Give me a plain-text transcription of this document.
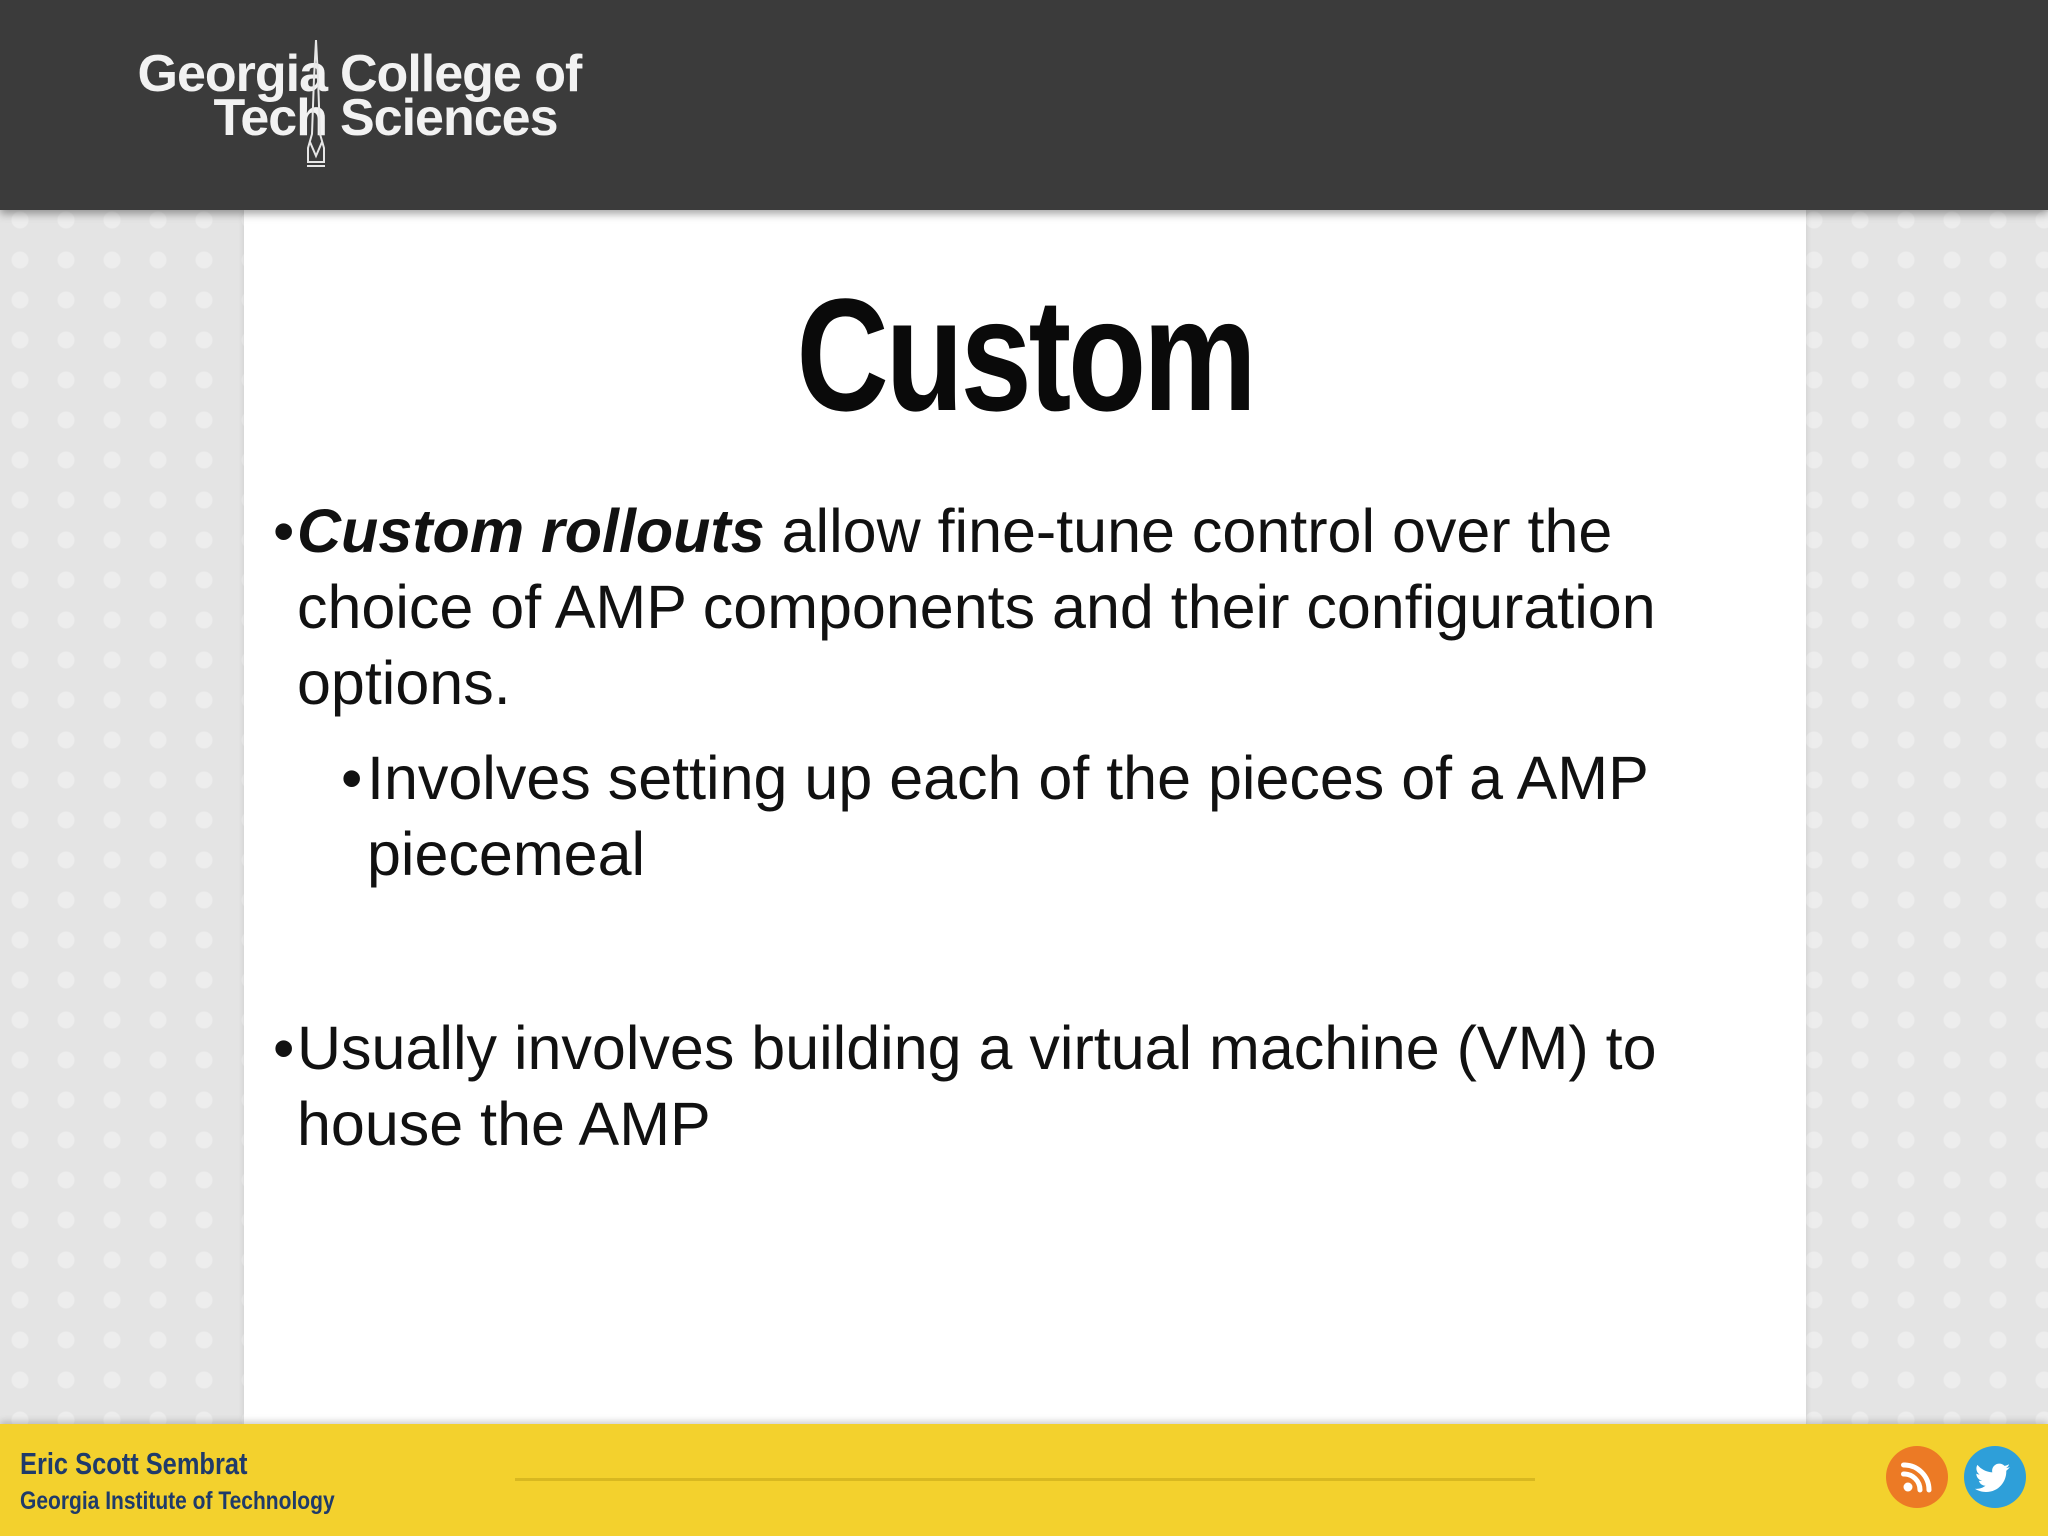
Georgia
Tech
College of
Sciences
Custom
• Custom rollouts allow fine-tune control over the choice of AMP components and their configuration options.
• Involves setting up each of the pieces of a AMP piecemeal
• Usually involves building a virtual machine (VM) to house the AMP
Eric Scott Sembrat
Georgia Institute of Technology
